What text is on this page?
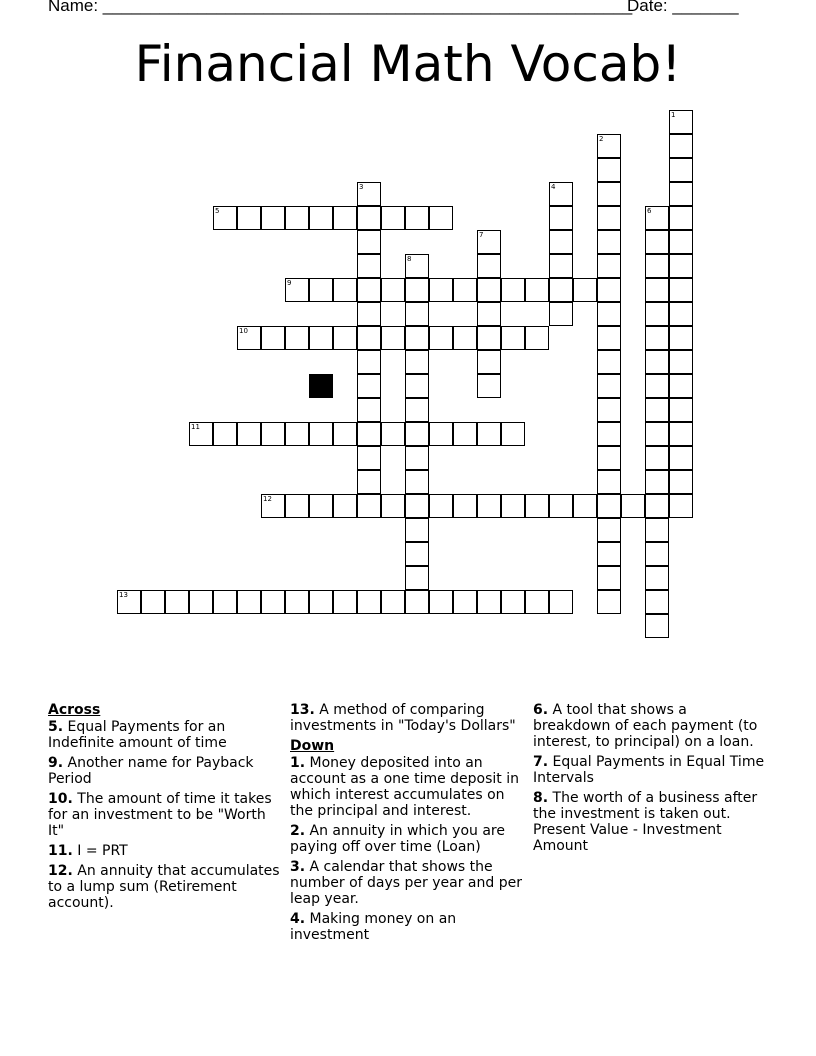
Name: ________________________________________________________
Date: _______
Financial Math Vocab!
1
2
3	4
5	6
7
8
9
10
11
12
13
Across
5. Equal Payments for an Indefinite amount of time
9. Another name for Payback Period
10. The amount of time it takes for an investment to be "Worth It"
11. I = PRT
12. An annuity that accumulates to a lump sum (Retirement account).
13. A method of comparing investments in "Today's Dollars"
Down
1. Money deposited into an account as a one time deposit in which interest accumulates on the principal and interest.
2. An annuity in which you are paying off over time (Loan)
3. A calendar that shows the number of days per year and per leap year.
4. Making money on an investment
6. A tool that shows a breakdown of each payment (to interest, to principal) on a loan.
7. Equal Payments in Equal Time Intervals
8. The worth of a business after the investment is taken out. Present Value - Investment Amount
